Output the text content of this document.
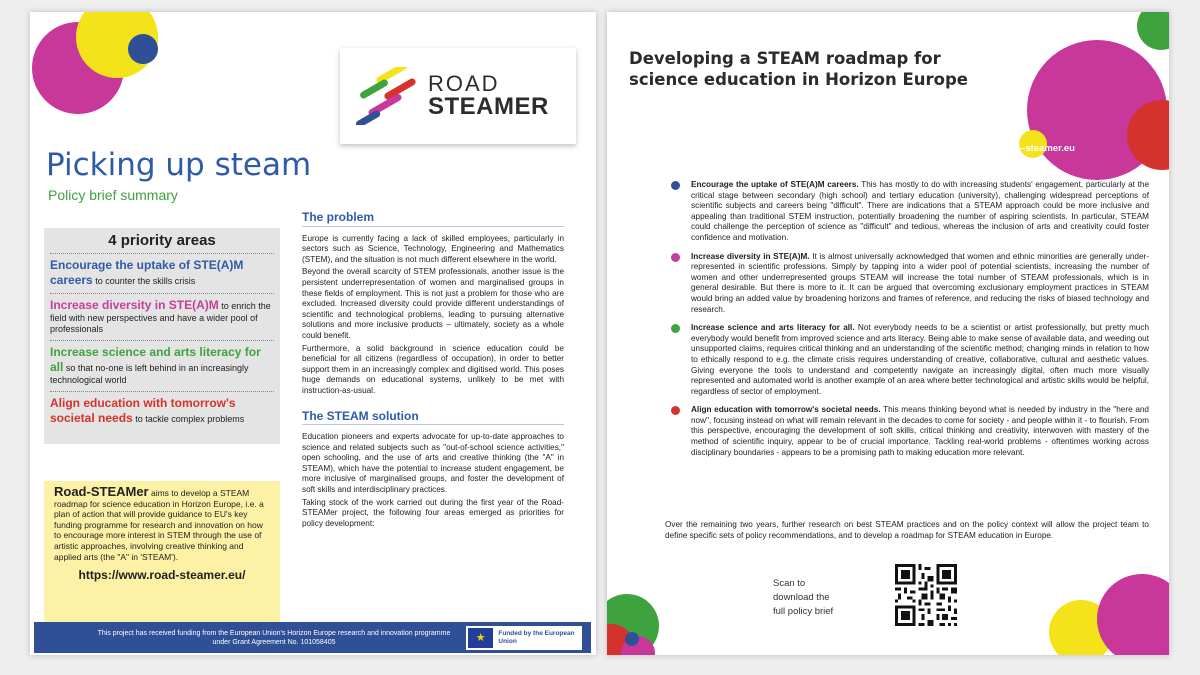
ROAD
STEAMER
Picking up steam
Policy brief summary
4 priority areas
Encourage the uptake of STE(A)M careers to counter the skills crisis
Increase diversity in STE(A)M to enrich the field with new perspectives and have a wider pool of professionals
Increase science and arts literacy for all so that no-one is left behind in an increasingly technological world
Align education with tomorrow's societal needs to tackle complex problems
Road-STEAMer aims to develop a STEAM roadmap for science education in Horizon Europe, i.e. a plan of action that will provide guidance to EU's key funding programme for research and innovation on how to encourage more interest in STEM through the use of artistic approaches, involving creative thinking and applied arts (the "A" in 'STEAM').
https://www.road-steamer.eu/
The problem

Europe is currently facing a lack of skilled employees, particularly in sectors such as Science, Technology, Engineering and Mathematics (STEM), and the situation is not much different elsewhere in the world.

Beyond the overall scarcity of STEM professionals, another issue is the persistent underrepresentation of women and marginalised groups in these fields of employment. This is not just a problem for those who are excluded. Increased diversity could provide different understandings of scientific and technological problems, leading to pursuing alternative solutions and more inclusive products – ultimately, society as a whole could benefit.

Furthermore, a solid background in science education could be beneficial for all citizens (regardless of occupation), in order to better support them in an increasingly complex and digitised world. This poses huge demands on educational systems, unlikely to be met with instruction-as-usual.

The STEAM solution

Education pioneers and experts advocate for up-to-date approaches to science and related subjects such as "out-of-school science activities," open schooling, and the use of arts and creative thinking (the "A" in STEAM), which have the potential to increase student engagement, be more inclusive of marginalised groups, and foster the development of soft skills and interdisciplinary practices.

Taking stock of the work carried out during the first year of the Road-STEAMer project, the following four areas emerged as priorities for policy development:

This project has received funding from the European Union's Horizon Europe research and innovation programme under Grant Agreement No. 101058405	★	Funded by the European Union
Developing a STEAM roadmap for
science education in Horizon Europe
www.road–steamer.eu
Encourage the uptake of STE(A)M careers. This has mostly to do with increasing students' engagement, particularly at the critical stage between secondary (high school) and tertiary education (university), challenging widespread perceptions of scientific subjects and careers being "difficult". There are indications that a STEAM approach could be more inclusive and appealing than traditional STEM instruction, potentially broadening the number of aspiring scientists. In particular, STEAM could challenge the perception of science as "difficult" and tedious, whereas the inclusion of arts and creativity could foster confidence and motivation.
Increase diversity in STE(A)M. It is almost universally acknowledged that women and ethnic minorities are generally under-represented in scientific professions. Simply by tapping into a wider pool of potential scientists, increasing the number of women and other underrepresented groups STEAM will increase the total number of STEAM professionals, which is in general desirable. But there is more to it. It can be argued that overcoming exclusionary employment practices in STEAM would bring an added value by broadening horizons and frames of reference, and reducing the risks of biased technology and research.
Increase science and arts literacy for all. Not everybody needs to be a scientist or artist professionally, but pretty much everybody would benefit from improved science and arts literacy. Being able to make sense of available data, and weeding out unsupported claims, requires critical thinking and an understanding of the scientific method; changing minds in relation to how to ethically respond to e.g. the climate crisis requires understanding of creative, collaborative, cultural and aesthetic values. Giving everyone the tools to understand and competently navigate an increasingly digital, often much more visually represented and automated world is another example of an area where better technological and artistic skills would be helpful, regardless of sector of employment.
Align education with tomorrow's societal needs. This means thinking beyond what is needed by industry in the "here and now", focusing instead on what will remain relevant in the decades to come for society - and people within it - to flourish. From this perspective, encouraging the development of soft skills, critical thinking and creativity, interwoven with mastery of the method of scientific inquiry, appear to be of crucial importance. Tackling real-world problems - oftentimes working across disciplinary boundaries - appears to be a promising path to making education more relevant.
Over the remaining two years, further research on best STEAM practices and on the policy context will allow the project team to define specific sets of policy recommendations, and to develop a roadmap for STEAM education in Europe.
Scan to
download the
full policy brief
